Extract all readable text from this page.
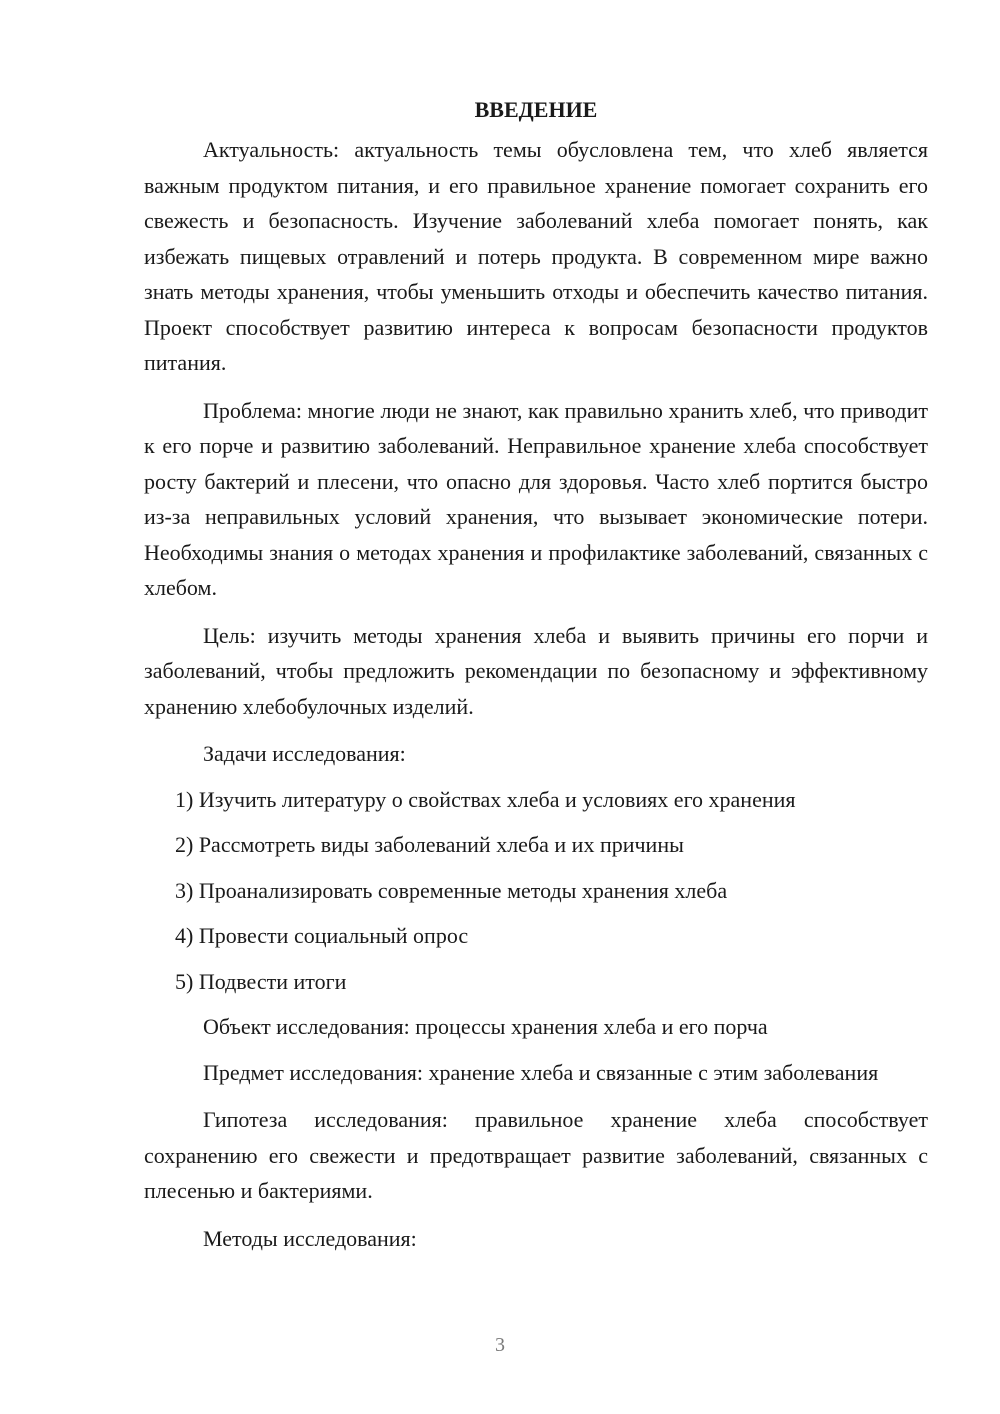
ВВЕДЕНИЕ

Актуальность: актуальность темы обусловлена тем, что хлеб является важным продуктом питания, и его правильное хранение помогает сохранить его свежесть и безопасность. Изучение заболеваний хлеба помогает понять, как избежать пищевых отравлений и потерь продукта. В современном мире важно знать методы хранения, чтобы уменьшить отходы и обеспечить качество питания. Проект способствует развитию интереса к вопросам безопасности продуктов питания.

Проблема: многие люди не знают, как правильно хранить хлеб, что приводит к его порче и развитию заболеваний. Неправильное хранение хлеба способствует росту бактерий и плесени, что опасно для здоровья. Часто хлеб портится быстро из-за неправильных условий хранения, что вызывает экономические потери. Необходимы знания о методах хранения и профилактике заболеваний, связанных с хлебом.

Цель: изучить методы хранения хлеба и выявить причины его порчи и заболеваний, чтобы предложить рекомендации по безопасному и эффективному хранению хлебобулочных изделий.

Задачи исследования:

1) Изучить литературу о свойствах хлеба и условиях его хранения
2) Рассмотреть виды заболеваний хлеба и их причины
3) Проанализировать современные методы хранения хлеба
4) Провести социальный опрос
5) Подвести итоги

Объект исследования: процессы хранения хлеба и его порча

Предмет исследования: хранение хлеба и связанные с этим заболевания

Гипотеза исследования: правильное хранение хлеба способствует сохранению его свежести и предотвращает развитие заболеваний, связанных с плесенью и бактериями.

Методы исследования:

3
